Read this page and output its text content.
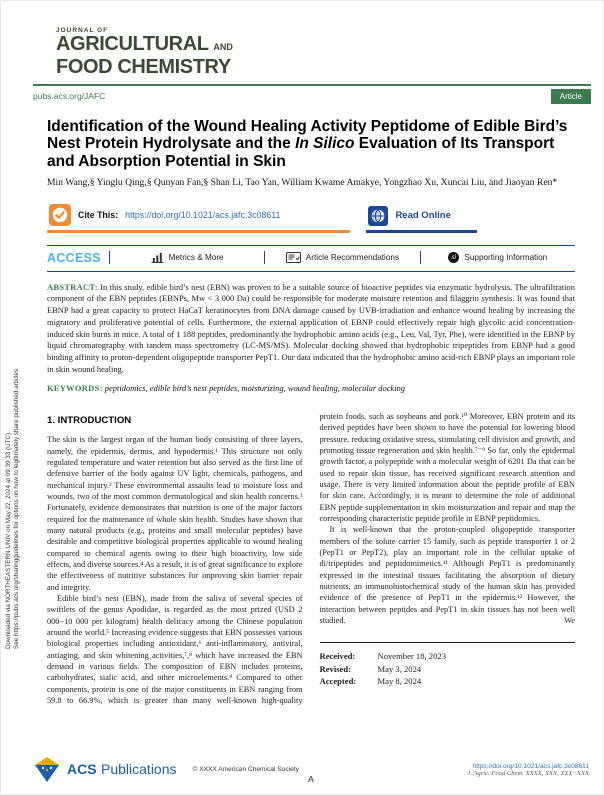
Downloaded via NORTHEASTERN UNIV on May 22, 2024 at 09:39:33 (UTC). See https://pubs.acs.org/sharingguidelines for options on how to legitimately share published articles.
JOURNAL OF
AGRICULTURAL AND
FOOD CHEMISTRY
pubs.acs.org/JAFC	Article
Identification of the Wound Healing Activity Peptidome of Edible Bird’s Nest Protein Hydrolysate and the In Silico Evaluation of Its Transport and Absorption Potential in Skin
Min Wang,§ Yinglu Qing,§ Qunyan Fan,§ Shan Li, Tao Yan, William Kwame Amakye, Yongzhao Xu, Xuncai Liu, and Jiaoyan Ren*
Cite This: https://doi.org/10.1021/acs.jafc.3c08611	Read Online
ACCESS	Metrics & More	Article Recommendations	si Supporting Information

ABSTRACT: In this study, edible bird’s nest (EBN) was proven to be a suitable source of bioactive peptides via enzymatic hydrolysis. The ultrafiltration component of the EBN peptides (EBNPs, Mw < 3 000 Da) could be responsible for moderate moisture retention and filaggrin synthesis. It was found that EBNP had a great capacity to protect HaCaT keratinocytes from DNA damage caused by UVB-irradiation and enhance wound healing by increasing the migratory and proliferative potential of cells. Furthermore, the external application of EBNP could effectively repair high glycolic acid concentration-induced skin burns in mice. A total of 1 188 peptides, predominantly the hydrophobic amino acids (e.g., Leu, Val, Tyr, Phe), were identified in the EBNP by liquid chromatography with tandem mass spectrometry (LC-MS/MS). Molecular docking showed that hydrophobic tripeptides from EBNP had a good binding affinity to proton-dependent oligopeptide transporter PepT1. Our data indicated that the hydrophobic amino acid-rich EBNP plays an important role in skin wound healing.

KEYWORDS: peptidomics, edible bird’s nest peptides, moisturizing, wound healing, molecular docking

1. INTRODUCTION

The skin is the largest organ of the human body consisting of three layers, namely, the epidermis, dermis, and hypodermis.¹ This structure not only regulated temperature and water retention but also served as the first line of defensive barrier of the body against UV light, chemicals, pathogens, and mechanical injury.² These environmental assaults lead to moisture loss and wounds, two of the most common dermatological and skin health concerns.³ Fortunately, evidence demonstrates that nutrition is one of the major factors required for the maintenance of whole skin health. Studies have shown that many natural products (e.g., proteins and small molecular peptides) have desirable and competitive biological properties applicable to wound healing compared to chemical agents owing to their high bioactivity, low side effects, and diverse sources.⁴ As a result, it is of great significance to explore the effectiveness of nutritive substances for improving skin barrier repair and integrity.

Edible bird’s nest (EBN), made from the saliva of several species of swiftlets of the genus Apodidae, is regarded as the most prized (USD 2 000−10 000 per kilogram) health delicacy among the Chinese population around the world.⁵ Increasing evidence suggests that EBN possesses various biological properties including antioxidant,⁶ anti-inflammatory, antiviral, antiaging, and skin whitening activities,⁷,⁸ which have increased the EBN demand in various fields. The composition of EBN includes proteins, carbohydrates, sialic acid, and other microelements.⁹ Compared to other components, protein is one of the major constituents in EBN ranging from 59.8 to 66.9%, which is greater than many well-known high-quality

protein foods, such as soybeans and pork.¹⁰ Moreover, EBN protein and its derived peptides have been shown to have the potential for lowering blood pressure, reducing oxidative stress, stimulating cell division and growth, and promoting tissue regeneration and skin health.⁷⁻⁹ So far, only the epidermal growth factor, a polypeptide with a molecular weight of 6201 Da that can be used to repair skin tissue, has received significant research attention and usage. There is very limited information about the peptide profile of EBN for skin care. Accordingly, it is meant to determine the role of additional EBN peptide supplementation in skin moisturization and repair and map the corresponding characteristic peptide profile in EBNP peptidomics.

It is well-known that the proton-coupled oligopeptide transporter members of the solute carrier 15 family, such as peptide transporter 1 or 2 (PepT1 or PepT2), play an important role in the cellular uptake of di/tripeptides and peptidomimetics.¹¹ Although PepT1 is predominantly expressed in the intestinal tissues facilitating the absorption of dietary nutrients, an immunohistochemical study of the human skin has provided evidence of the presence of PepT1 in the epidermis.¹² However, the interaction between peptides and PepT1 in skin tissues has not been well studied. We

Received:	November 18, 2023
Revised:	May 3, 2024
Accepted:	May 8, 2024
ACS Publications © XXXX American Chemical Society
A
https://doi.org/10.1021/acs.jafc.3c08611
J. Agric. Food Chem. XXXX, XXX, XXX−XXX
